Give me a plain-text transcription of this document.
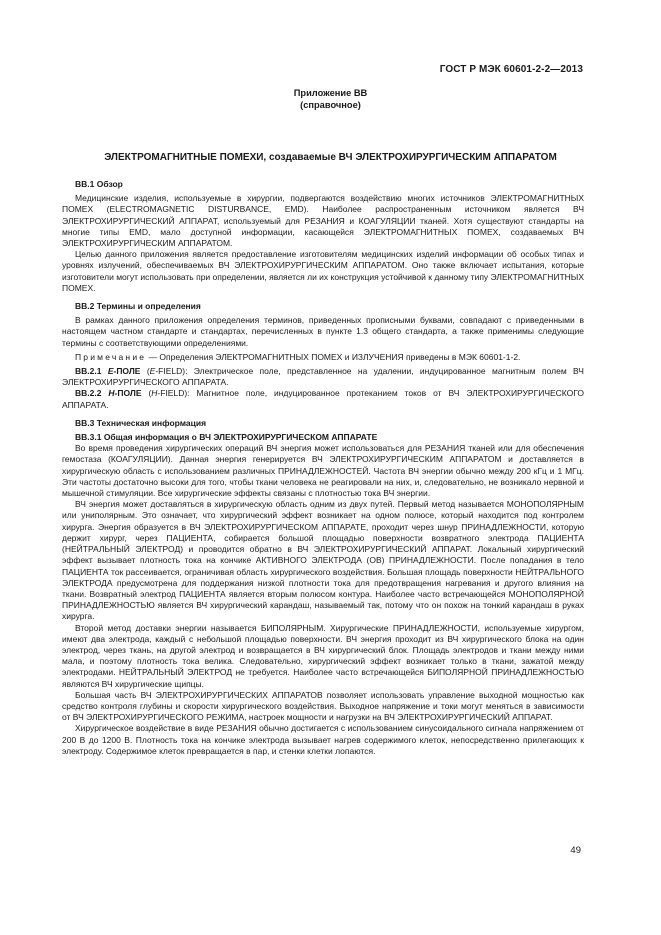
ГОСТ Р МЭК 60601-2-2—2013
Приложение ВВ
(справочное)
ЭЛЕКТРОМАГНИТНЫЕ ПОМЕХИ, создаваемые ВЧ ЭЛЕКТРОХИРУРГИЧЕСКИМ АППАРАТОМ

ВВ.1 Обзор

Медицинские изделия, используемые в хирургии, подвергаются воздействию многих источников ЭЛЕКТРОМАГНИТНЫХ ПОМЕХ (ELECTROMAGNETIC DISTURBANCE, EMD). Наиболее распространенным источником является ВЧ ЭЛЕКТРОХИРУРГИЧЕСКИЙ АППАРАТ, используемый для РЕЗАНИЯ и КОАГУЛЯЦИИ тканей. Хотя существуют стандарты на многие типы EMD, мало доступной информации, касающейся ЭЛЕКТРОМАГНИТНЫХ ПОМЕХ, создаваемых ВЧ ЭЛЕКТРОХИРУРГИЧЕСКИМ АППАРАТОМ.

Целью данного приложения является предоставление изготовителям медицинских изделий информации об особых типах и уровнях излучений, обеспечиваемых ВЧ ЭЛЕКТРОХИРУРГИЧЕСКИМ АППАРАТОМ. Оно также включает испытания, которые изготовители могут использовать при определении, является ли их конструкция устойчивой к данному типу ЭЛЕКТРОМАГНИТНЫХ ПОМЕХ.

ВВ.2 Термины и определения

В рамках данного приложения определения терминов, приведенных прописными буквами, совпадают с приведенными в настоящем частном стандарте и стандартах, перечисленных в пункте 1.3 общего стандарта, а также применимы следующие термины с соответствующими определениями.

Примечание — Определения ЭЛЕКТРОМАГНИТНЫХ ПОМЕХ и ИЗЛУЧЕНИЯ приведены в МЭК 60601-1-2.

ВВ.2.1 Е-ПОЛЕ (E-FIELD): Электрическое поле, представленное на удалении, индуцированное магнитным полем ВЧ ЭЛЕКТРОХИРУРГИЧЕСКОГО АППАРАТА.

ВВ.2.2 Н-ПОЛЕ (H-FIELD): Магнитное поле, индуцированное протеканием токов от ВЧ ЭЛЕКТРОХИРУРГИЧЕСКОГО АППАРАТА.

ВВ.3 Техническая информация

ВВ.3.1 Общая информация о ВЧ ЭЛЕКТРОХИРУРГИЧЕСКОМ АППАРАТЕ

Во время проведения хирургических операций ВЧ энергия может использоваться для РЕЗАНИЯ тканей или для обеспечения гемостаза (КОАГУЛЯЦИИ). Данная энергия генерируется ВЧ ЭЛЕКТРОХИРУРГИЧЕСКИМ АППАРАТОМ и доставляется в хирургическую область с использованием различных ПРИНАДЛЕЖНОСТЕЙ. Частота ВЧ энергии обычно между 200 кГц и 1 МГц. Эти частоты достаточно высоки для того, чтобы ткани человека не реагировали на них, и, следовательно, не возникало нервной и мышечной стимуляции. Все хирургические эффекты связаны с плотностью тока ВЧ энергии.

ВЧ энергия может доставляться в хирургическую область одним из двух путей. Первый метод называется МОНОПОЛЯРНЫМ или униполярным. Это означает, что хирургический эффект возникает на одном полюсе, который находится под контролем хирурга. Энергия образуется в ВЧ ЭЛЕКТРОХИРУРГИЧЕСКОМ АППАРАТЕ, проходит через шнур ПРИНАДЛЕЖНОСТИ, которую держит хирург, через ПАЦИЕНТА, собирается большой площадью поверхности возвратного электрода ПАЦИЕНТА (НЕЙТРАЛЬНЫЙ ЭЛЕКТРОД) и проводится обратно в ВЧ ЭЛЕКТРОХИРУРГИЧЕСКИЙ АППАРАТ. Локальный хирургический эффект вызывает плотность тока на кончике АКТИВНОГО ЭЛЕКТРОДА (ОВ) ПРИНАДЛЕЖНОСТИ. После попадания в тело ПАЦИЕНТА ток рассеивается, ограничивая область хирургического воздействия. Большая площадь поверхности НЕЙТРАЛЬНОГО ЭЛЕКТРОДА предусмотрена для поддержания низкой плотности тока для предотвращения нагревания и другого влияния на ткани. Возвратный электрод ПАЦИЕНТА является вторым полюсом контура. Наиболее часто встречающейся МОНОПОЛЯРНОЙ ПРИНАДЛЕЖНОСТЬЮ является ВЧ хирургический карандаш, называемый так, потому что он похож на тонкий карандаш в руках хирурга.

Второй метод доставки энергии называется БИПОЛЯРНЫМ. Хирургические ПРИНАДЛЕЖНОСТИ, используемые хирургом, имеют два электрода, каждый с небольшой площадью поверхности. ВЧ энергия проходит из ВЧ хирургического блока на один электрод, через ткань, на другой электрод и возвращается в ВЧ хирургический блок. Площадь электродов и ткани между ними мала, и поэтому плотность тока велика. Следовательно, хирургический эффект возникает только в ткани, зажатой между электродами. НЕЙТРАЛЬНЫЙ ЭЛЕКТРОД не требуется. Наиболее часто встречающейся БИПОЛЯРНОЙ ПРИНАДЛЕЖНОСТЬЮ являются ВЧ хирургические щипцы.

Большая часть ВЧ ЭЛЕКТРОХИРУРГИЧЕСКИХ АППАРАТОВ позволяет использовать управление выходной мощностью как средство контроля глубины и скорости хирургического воздействия. Выходное напряжение и токи могут меняться в зависимости от ВЧ ЭЛЕКТРОХИРУРГИЧЕСКОГО РЕЖИМА, настроек мощности и нагрузки на ВЧ ЭЛЕКТРОХИРУРГИЧЕСКИЙ АППАРАТ.

Хирургическое воздействие в виде РЕЗАНИЯ обычно достигается с использованием синусоидального сигнала напряжением от 200 В до 1200 В. Плотность тока на кончике электрода вызывает нагрев содержимого клеток, непосредственно прилегающих к электроду. Содержимое клеток превращается в пар, и стенки клетки лопаются.

49
